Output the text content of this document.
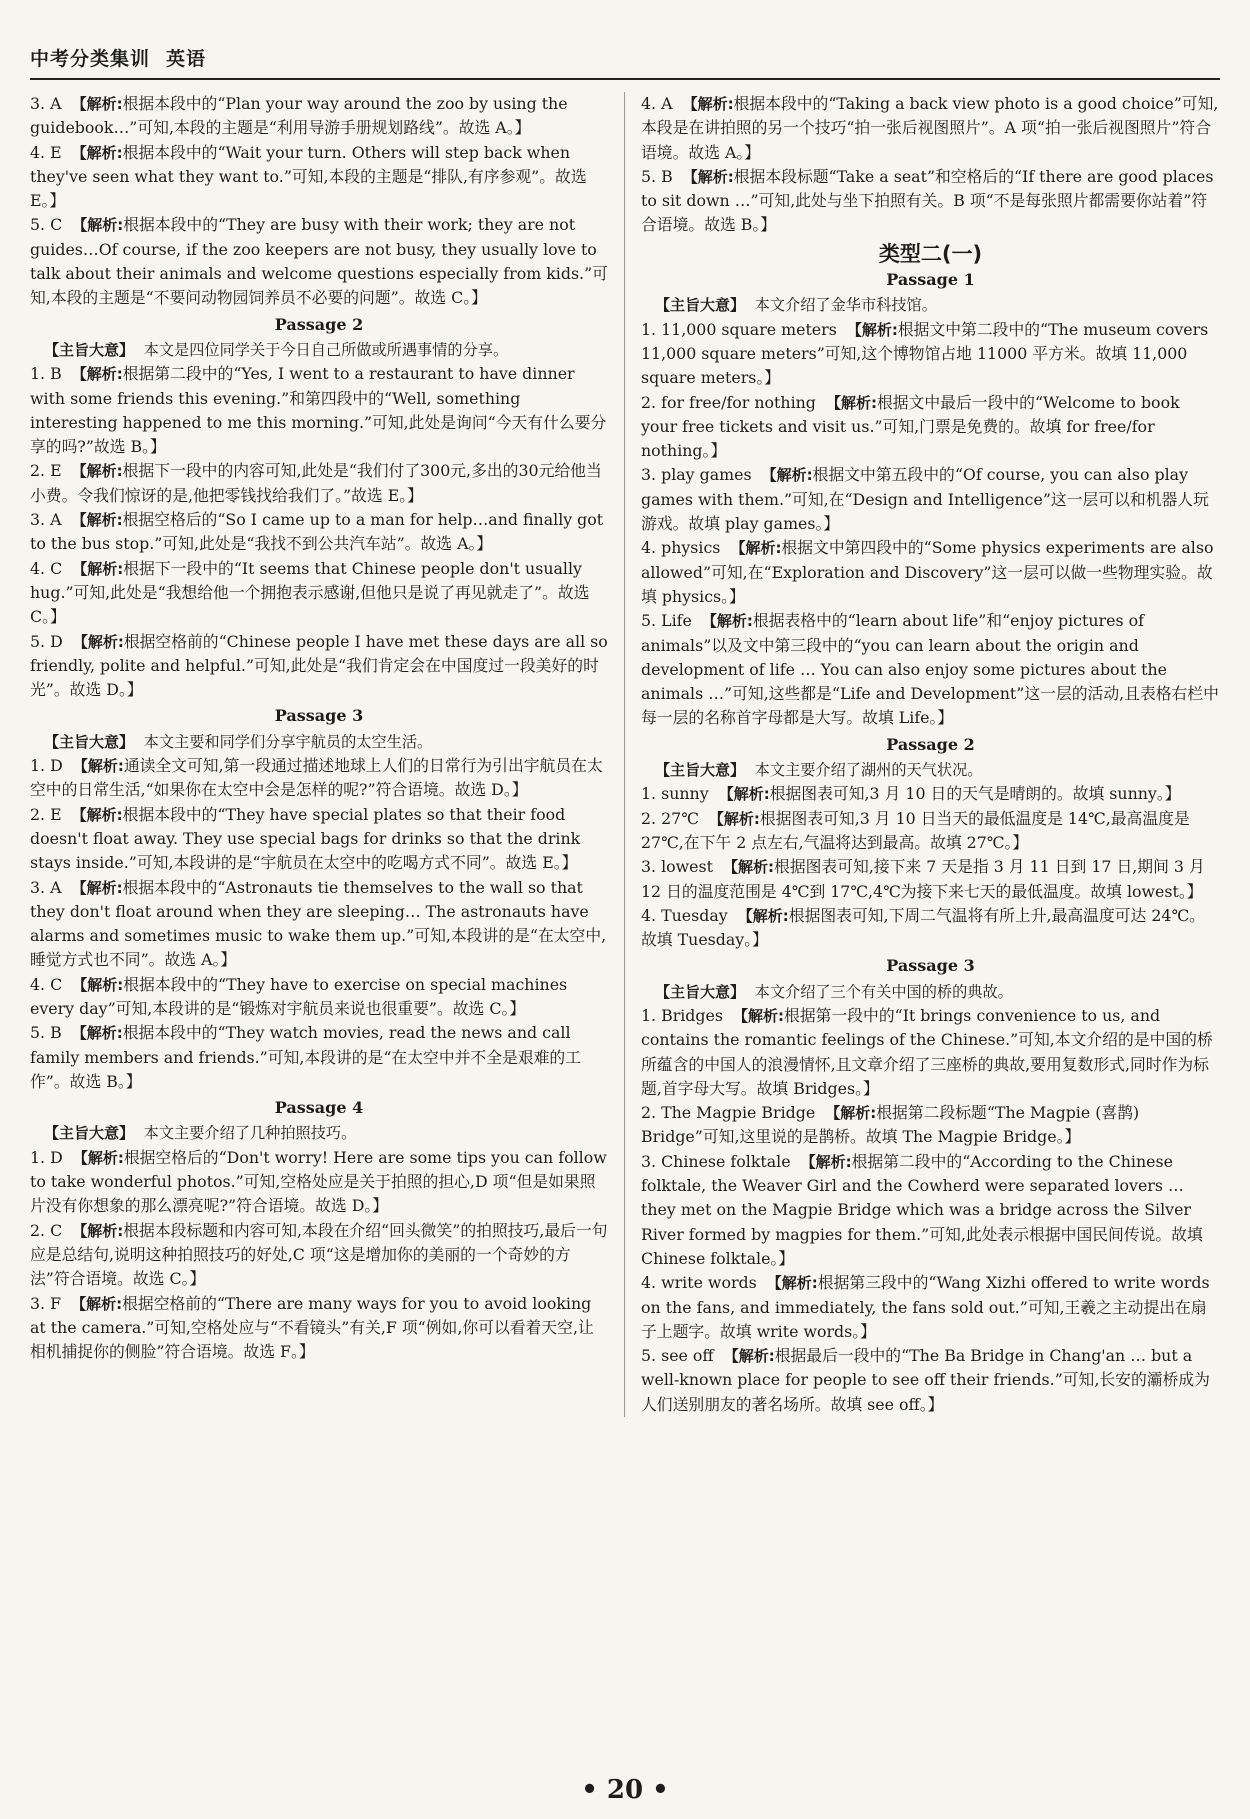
中考分类集训 英语

3. A 【解析:根据本段中的“Plan your way around the zoo by using the guidebook…”可知,本段的主题是“利用导游手册规划路线”。故选 A。】

4. E 【解析:根据本段中的“Wait your turn. Others will step back when they've seen what they want to.”可知,本段的主题是“排队,有序参观”。故选 E。】

5. C 【解析:根据本段中的“They are busy with their work; they are not guides…Of course, if the zoo keepers are not busy, they usually love to talk about their animals and welcome questions especially from kids.”可知,本段的主题是“不要问动物园饲养员不必要的问题”。故选 C。】

Passage 2

【主旨大意】 本文是四位同学关于今日自己所做或所遇事情的分享。

1. B 【解析:根据第二段中的“Yes, I went to a restaurant to have dinner with some friends this evening.”和第四段中的“Well, something interesting happened to me this morning.”可知,此处是询问“今天有什么要分享的吗?”故选 B。】

2. E 【解析:根据下一段中的内容可知,此处是“我们付了300元,多出的30元给他当小费。令我们惊讶的是,他把零钱找给我们了。”故选 E。】

3. A 【解析:根据空格后的“So I came up to a man for help…and finally got to the bus stop.”可知,此处是“我找不到公共汽车站”。故选 A。】

4. C 【解析:根据下一段中的“It seems that Chinese people don't usually hug.”可知,此处是“我想给他一个拥抱表示感谢,但他只是说了再见就走了”。故选 C。】

5. D 【解析:根据空格前的“Chinese people I have met these days are all so friendly, polite and helpful.”可知,此处是“我们肯定会在中国度过一段美好的时光”。故选 D。】

Passage 3

【主旨大意】 本文主要和同学们分享宇航员的太空生活。

1. D 【解析:通读全文可知,第一段通过描述地球上人们的日常行为引出宇航员在太空中的日常生活,“如果你在太空中会是怎样的呢?”符合语境。故选 D。】

2. E 【解析:根据本段中的“They have special plates so that their food doesn't float away. They use special bags for drinks so that the drink stays inside.”可知,本段讲的是“宇航员在太空中的吃喝方式不同”。故选 E。】

3. A 【解析:根据本段中的“Astronauts tie themselves to the wall so that they don't float around when they are sleeping… The astronauts have alarms and sometimes music to wake them up.”可知,本段讲的是“在太空中,睡觉方式也不同”。故选 A。】

4. C 【解析:根据本段中的“They have to exercise on special machines every day”可知,本段讲的是“锻炼对宇航员来说也很重要”。故选 C。】

5. B 【解析:根据本段中的“They watch movies, read the news and call family members and friends.”可知,本段讲的是“在太空中并不全是艰难的工作”。故选 B。】

Passage 4

【主旨大意】 本文主要介绍了几种拍照技巧。

1. D 【解析:根据空格后的“Don't worry! Here are some tips you can follow to take wonderful photos.”可知,空格处应是关于拍照的担心,D 项“但是如果照片没有你想象的那么漂亮呢?”符合语境。故选 D。】

2. C 【解析:根据本段标题和内容可知,本段在介绍“回头微笑”的拍照技巧,最后一句应是总结句,说明这种拍照技巧的好处,C 项“这是增加你的美丽的一个奇妙的方法”符合语境。故选 C。】

3. F 【解析:根据空格前的“There are many ways for you to avoid looking at the camera.”可知,空格处应与“不看镜头”有关,F 项“例如,你可以看着天空,让相机捕捉你的侧脸”符合语境。故选 F。】

4. A 【解析:根据本段中的“Taking a back view photo is a good choice”可知,本段是在讲拍照的另一个技巧“拍一张后视图照片”。A 项“拍一张后视图照片”符合语境。故选 A。】

5. B 【解析:根据本段标题“Take a seat”和空格后的“If there are good places to sit down …”可知,此处与坐下拍照有关。B 项“不是每张照片都需要你站着”符合语境。故选 B。】

类型二(一)
Passage 1

【主旨大意】 本文介绍了金华市科技馆。

1. 11,000 square meters 【解析:根据文中第二段中的“The museum covers 11,000 square meters”可知,这个博物馆占地 11000 平方米。故填 11,000 square meters。】

2. for free/for nothing 【解析:根据文中最后一段中的“Welcome to book your free tickets and visit us.”可知,门票是免费的。故填 for free/for nothing。】

3. play games 【解析:根据文中第五段中的“Of course, you can also play games with them.”可知,在“Design and Intelligence”这一层可以和机器人玩游戏。故填 play games。】

4. physics 【解析:根据文中第四段中的“Some physics experiments are also allowed”可知,在“Exploration and Discovery”这一层可以做一些物理实验。故填 physics。】

5. Life 【解析:根据表格中的“learn about life”和“enjoy pictures of animals”以及文中第三段中的“you can learn about the origin and development of life … You can also enjoy some pictures about the animals …”可知,这些都是“Life and Development”这一层的活动,且表格右栏中每一层的名称首字母都是大写。故填 Life。】

Passage 2

【主旨大意】 本文主要介绍了湖州的天气状况。

1. sunny 【解析:根据图表可知,3 月 10 日的天气是晴朗的。故填 sunny。】

2. 27℃ 【解析:根据图表可知,3 月 10 日当天的最低温度是 14℃,最高温度是 27℃,在下午 2 点左右,气温将达到最高。故填 27℃。】

3. lowest 【解析:根据图表可知,接下来 7 天是指 3 月 11 日到 17 日,期间 3 月 12 日的温度范围是 4℃到 17℃,4℃为接下来七天的最低温度。故填 lowest。】

4. Tuesday 【解析:根据图表可知,下周二气温将有所上升,最高温度可达 24℃。故填 Tuesday。】

Passage 3

【主旨大意】 本文介绍了三个有关中国的桥的典故。

1. Bridges 【解析:根据第一段中的“It brings convenience to us, and contains the romantic feelings of the Chinese.”可知,本文介绍的是中国的桥所蕴含的中国人的浪漫情怀,且文章介绍了三座桥的典故,要用复数形式,同时作为标题,首字母大写。故填 Bridges。】

2. The Magpie Bridge 【解析:根据第二段标题“The Magpie (喜鹊) Bridge”可知,这里说的是鹊桥。故填 The Magpie Bridge。】

3. Chinese folktale 【解析:根据第二段中的“According to the Chinese folktale, the Weaver Girl and the Cowherd were separated lovers … they met on the Magpie Bridge which was a bridge across the Silver River formed by magpies for them.”可知,此处表示根据中国民间传说。故填 Chinese folktale。】

4. write words 【解析:根据第三段中的“Wang Xizhi offered to write words on the fans, and immediately, the fans sold out.”可知,王羲之主动提出在扇子上题字。故填 write words。】

5. see off 【解析:根据最后一段中的“The Ba Bridge in Chang'an … but a well-known place for people to see off their friends.”可知,长安的灞桥成为人们送别朋友的著名场所。故填 see off。】

• 20 •
